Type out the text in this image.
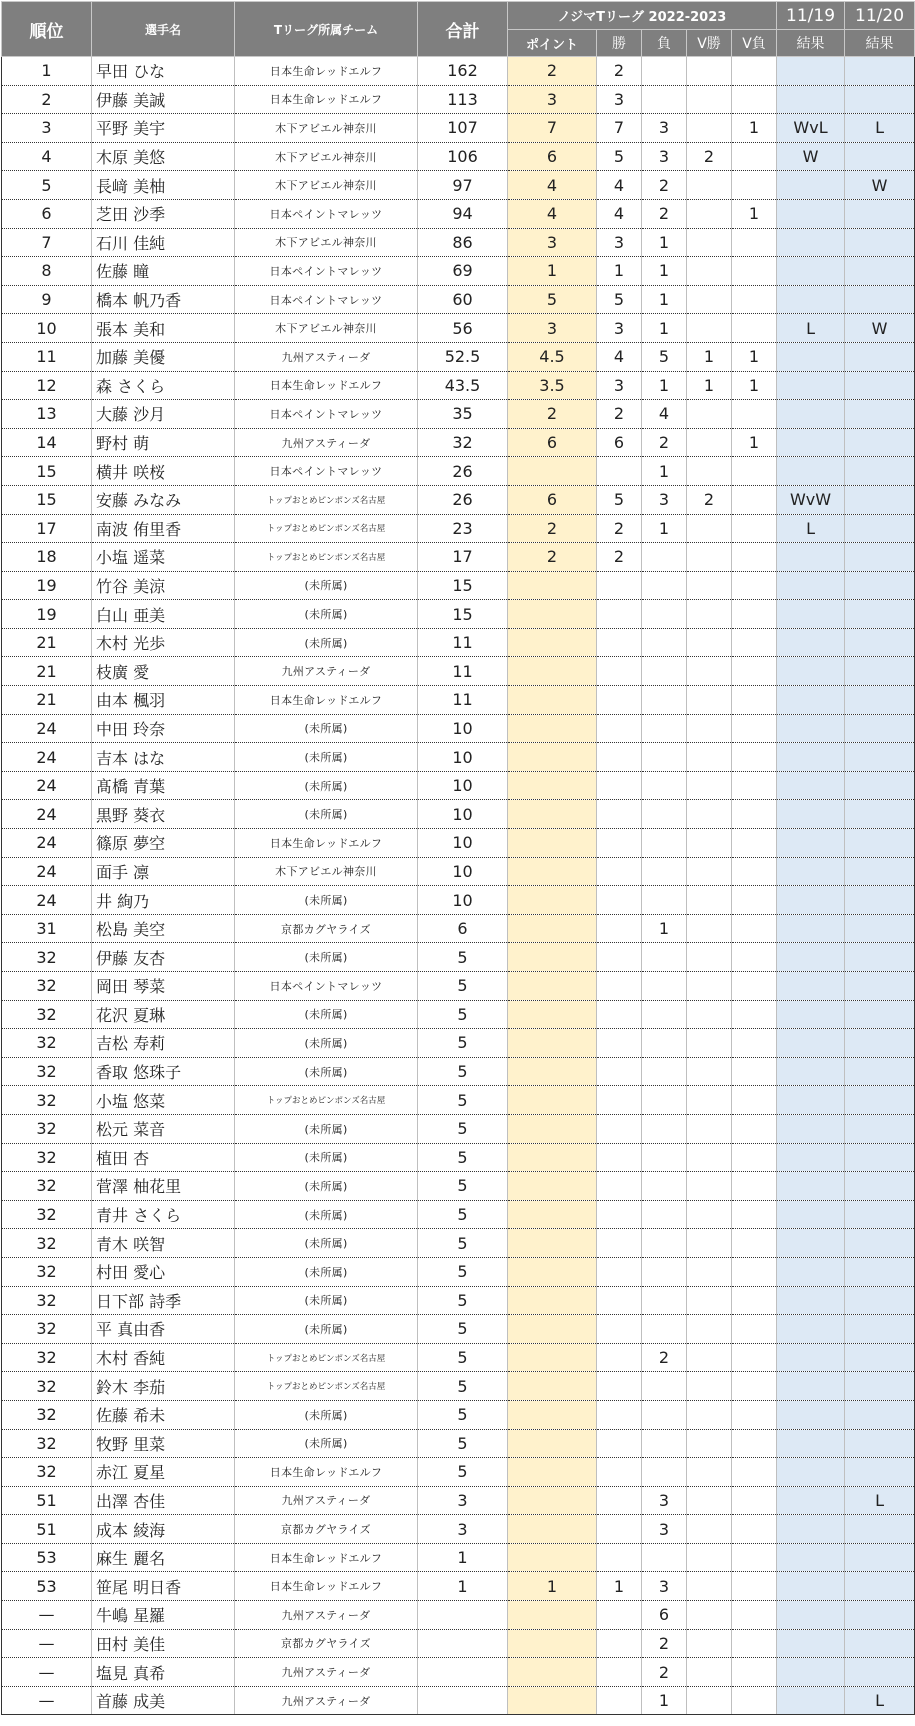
順位	選手名	Tリーグ所属チーム	合計	ノジマTリーグ 2022-2023					11/19	11/20
				ポイント	勝	負	V勝	V負	結果	結果
1	早田 ひな	日本生命レッドエルフ	162	2	2					
2	伊藤 美誠	日本生命レッドエルフ	113	3	3					
3	平野 美宇	木下アビエル神奈川	107	7	7	3		1	WvL	L
4	木原 美悠	木下アビエル神奈川	106	6	5	3	2		W	
5	長﨑 美柚	木下アビエル神奈川	97	4	4	2				W
6	芝田 沙季	日本ペイントマレッツ	94	4	4	2		1		
7	石川 佳純	木下アビエル神奈川	86	3	3	1				
8	佐藤 瞳	日本ペイントマレッツ	69	1	1	1				
9	橋本 帆乃香	日本ペイントマレッツ	60	5	5	1				
10	張本 美和	木下アビエル神奈川	56	3	3	1			L	W
11	加藤 美優	九州アスティーダ	52.5	4.5	4	5	1	1		
12	森 さくら	日本生命レッドエルフ	43.5	3.5	3	1	1	1		
13	大藤 沙月	日本ペイントマレッツ	35	2	2	4				
14	野村 萌	九州アスティーダ	32	6	6	2		1		
15	横井 咲桜	日本ペイントマレッツ	26			1				
15	安藤 みなみ	トップおとめピンポンズ名古屋	26	6	5	3	2		WvW	
17	南波 侑里香	トップおとめピンポンズ名古屋	23	2	2	1			L	
18	小塩 遥菜	トップおとめピンポンズ名古屋	17	2	2					
19	竹谷 美涼	(未所属)	15							
19	白山 亜美	(未所属)	15							
21	木村 光歩	(未所属)	11							
21	枝廣 愛	九州アスティーダ	11							
21	由本 楓羽	日本生命レッドエルフ	11							
24	中田 玲奈	(未所属)	10							
24	吉本 はな	(未所属)	10							
24	髙橋 青葉	(未所属)	10							
24	黒野 葵衣	(未所属)	10							
24	篠原 夢空	日本生命レッドエルフ	10							
24	面手 凛	木下アビエル神奈川	10							
24	井 絢乃	(未所属)	10							
31	松島 美空	京都カグヤライズ	6			1				
32	伊藤 友杏	(未所属)	5							
32	岡田 琴菜	日本ペイントマレッツ	5							
32	花沢 夏琳	(未所属)	5							
32	吉松 寿莉	(未所属)	5							
32	香取 悠珠子	(未所属)	5							
32	小塩 悠菜	トップおとめピンポンズ名古屋	5							
32	松元 菜音	(未所属)	5							
32	植田 杏	(未所属)	5							
32	菅澤 柚花里	(未所属)	5							
32	青井 さくら	(未所属)	5							
32	青木 咲智	(未所属)	5							
32	村田 愛心	(未所属)	5							
32	日下部 詩季	(未所属)	5							
32	平 真由香	(未所属)	5							
32	木村 香純	トップおとめピンポンズ名古屋	5			2				
32	鈴木 李茄	トップおとめピンポンズ名古屋	5							
32	佐藤 希未	(未所属)	5							
32	牧野 里菜	(未所属)	5							
32	赤江 夏星	日本生命レッドエルフ	5							
51	出澤 杏佳	九州アスティーダ	3			3				L
51	成本 綾海	京都カグヤライズ	3			3				
53	麻生 麗名	日本生命レッドエルフ	1							
53	笹尾 明日香	日本生命レッドエルフ	1	1	1	3				
—	牛嶋 星羅	九州アスティーダ				6				
—	田村 美佳	京都カグヤライズ				2				
—	塩見 真希	九州アスティーダ				2				
—	首藤 成美	九州アスティーダ				1				L
